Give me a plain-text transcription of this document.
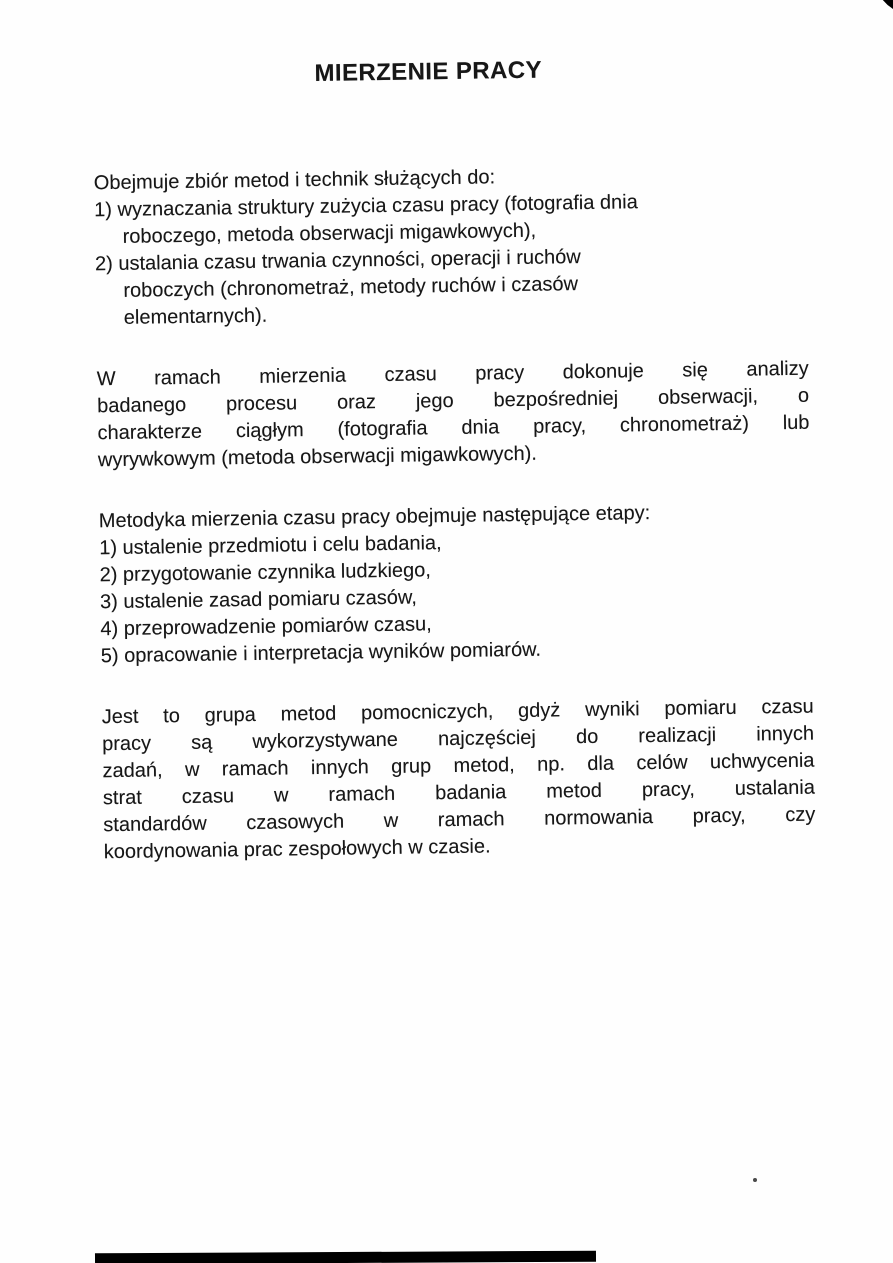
MIERZENIE PRACY
Obejmuje zbiór metod i technik służących do:
1) wyznaczania struktury zużycia czasu pracy (fotografia dnia
roboczego, metoda obserwacji migawkowych),
2) ustalania czasu trwania czynności, operacji i ruchów
roboczych (chronometraż, metody ruchów i czasów
elementarnych).
W ramach mierzenia czasu pracy dokonuje się analizy
badanego procesu oraz jego bezpośredniej obserwacji, o
charakterze ciągłym (fotografia dnia pracy, chronometraż) lub
wyrywkowym (metoda obserwacji migawkowych).
Metodyka mierzenia czasu pracy obejmuje następujące etapy:
1) ustalenie przedmiotu i celu badania,
2) przygotowanie czynnika ludzkiego,
3) ustalenie zasad pomiaru czasów,
4) przeprowadzenie pomiarów czasu,
5) opracowanie i interpretacja wyników pomiarów.
Jest to grupa metod pomocniczych, gdyż wyniki pomiaru czasu
pracy są wykorzystywane najczęściej do realizacji innych
zadań, w ramach innych grup metod, np. dla celów uchwycenia
strat czasu w ramach badania metod pracy, ustalania
standardów czasowych w ramach normowania pracy, czy
koordynowania prac zespołowych w czasie.
